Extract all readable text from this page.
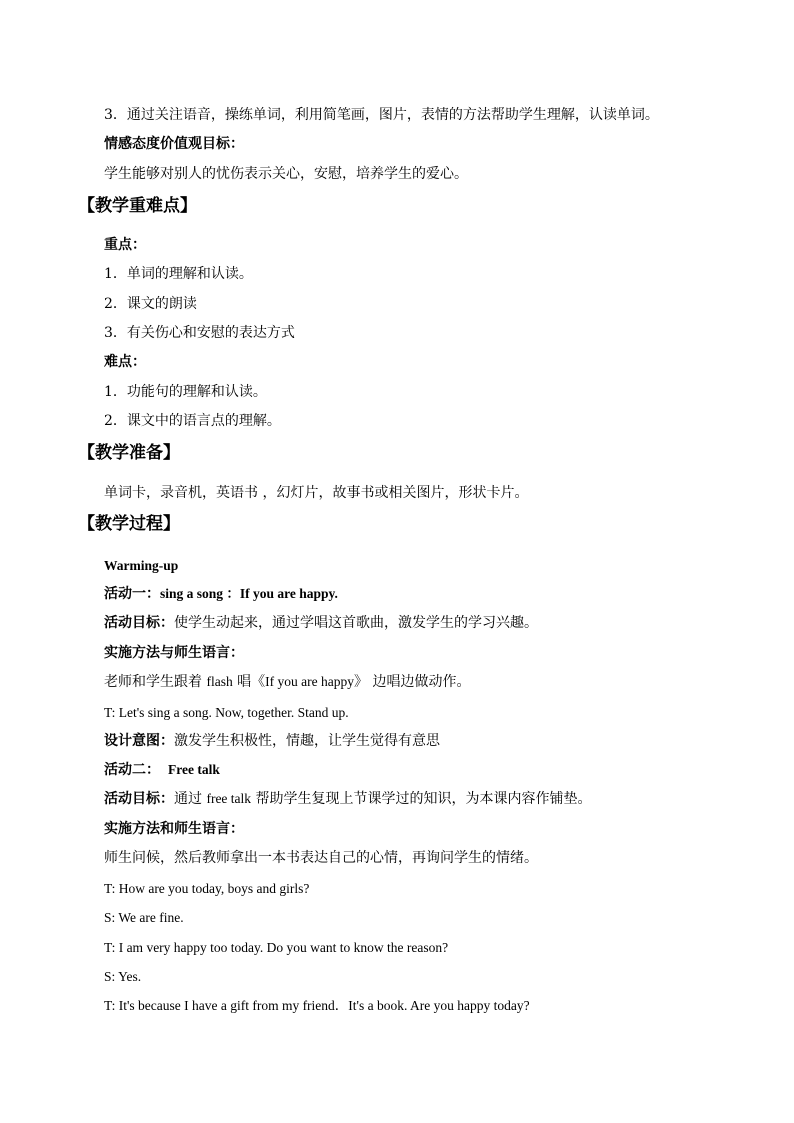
3．通过关注语音，操练单词，利用简笔画，图片，表情的方法帮助学生理解，认读单词。
情感态度价值观目标：
学生能够对别人的忧伤表示关心，安慰，培养学生的爱心。
【教学重难点】
重点：
1．单词的理解和认读。
2．课文的朗读
3．有关伤心和安慰的表达方式
难点：
1．功能句的理解和认读。
2．课文中的语言点的理解。
【教学准备】
单词卡，录音机，英语书 ，幻灯片，故事书或相关图片，形状卡片。
【教学过程】
Warming-up
活动一：sing a song ：If you are happy.
活动目标：使学生动起来，通过学唱这首歌曲，激发学生的学习兴趣。
实施方法与师生语言：
老师和学生跟着 flash 唱《If you are happy》 边唱边做动作。
T: Let's sing a song. Now, together. Stand up.
设计意图：激发学生积极性，情趣，让学生觉得有意思
活动二： Free talk
活动目标：通过 free talk 帮助学生复现上节课学过的知识，为本课内容作铺垫。
实施方法和师生语言：
师生问候，然后教师拿出一本书表达自己的心情，再询问学生的情绪。
T: How are you today, boys and girls?
S: We are fine.
T: I am very happy too today. Do you want to know the reason?
S: Yes.
T: It's because I have a gift from my friend．It's a book. Are you happy today?
